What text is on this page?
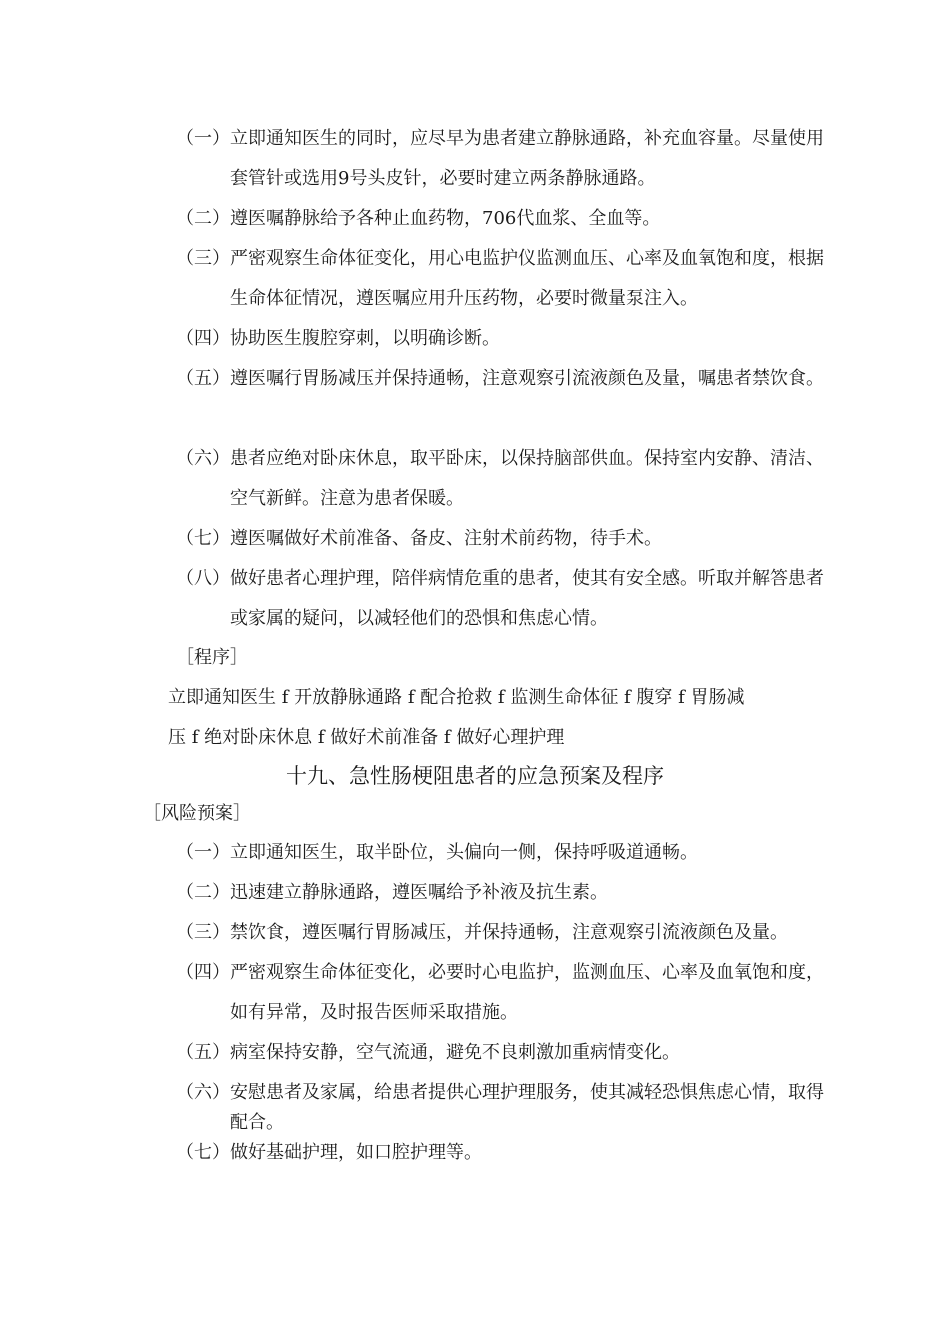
（一） 立即通知医生的同时，应尽早为患者建立静脉通路，补充血容量。尽量使用套管针或选用9号头皮针，必要时建立两条静脉通路。
（二） 遵医嘱静脉给予各种止血药物，706代血浆、全血等。
（三） 严密观察生命体征变化，用心电监护仪监测血压、心率及血氧饱和度，根据生命体征情况，遵医嘱应用升压药物，必要时微量泵注入。
（四） 协助医生腹腔穿刺，以明确诊断。
（五） 遵医嘱行胃肠减压并保持通畅，注意观察引流液颜色及量，嘱患者禁饮食。
（六） 患者应绝对卧床休息，取平卧床，以保持脑部供血。保持室内安静、清洁、空气新鲜。注意为患者保暖。
（七） 遵医嘱做好术前准备、备皮、注射术前药物，待手术。
（八） 做好患者心理护理，陪伴病情危重的患者，使其有安全感。听取并解答患者或家属的疑问，以减轻他们的恐惧和焦虑心情。
［程序］
立即通知医生 f 开放静脉通路 f 配合抢救 f 监测生命体征 f 腹穿 f 胃肠减
压 f 绝对卧床休息 f 做好术前准备 f 做好心理护理
十九、急性肠梗阻患者的应急预案及程序
［风险预案］
（一） 立即通知医生，取半卧位，头偏向一侧，保持呼吸道通畅。
（二） 迅速建立静脉通路，遵医嘱给予补液及抗生素。
（三） 禁饮食，遵医嘱行胃肠减压，并保持通畅，注意观察引流液颜色及量。
（四） 严密观察生命体征变化，必要时心电监护，监测血压、心率及血氧饱和度，如有异常，及时报告医师采取措施。
（五） 病室保持安静，空气流通，避免不良刺激加重病情变化。
（六） 安慰患者及家属，给患者提供心理护理服务，使其减轻恐惧焦虑心情，取得配合。
（七） 做好基础护理，如口腔护理等。
